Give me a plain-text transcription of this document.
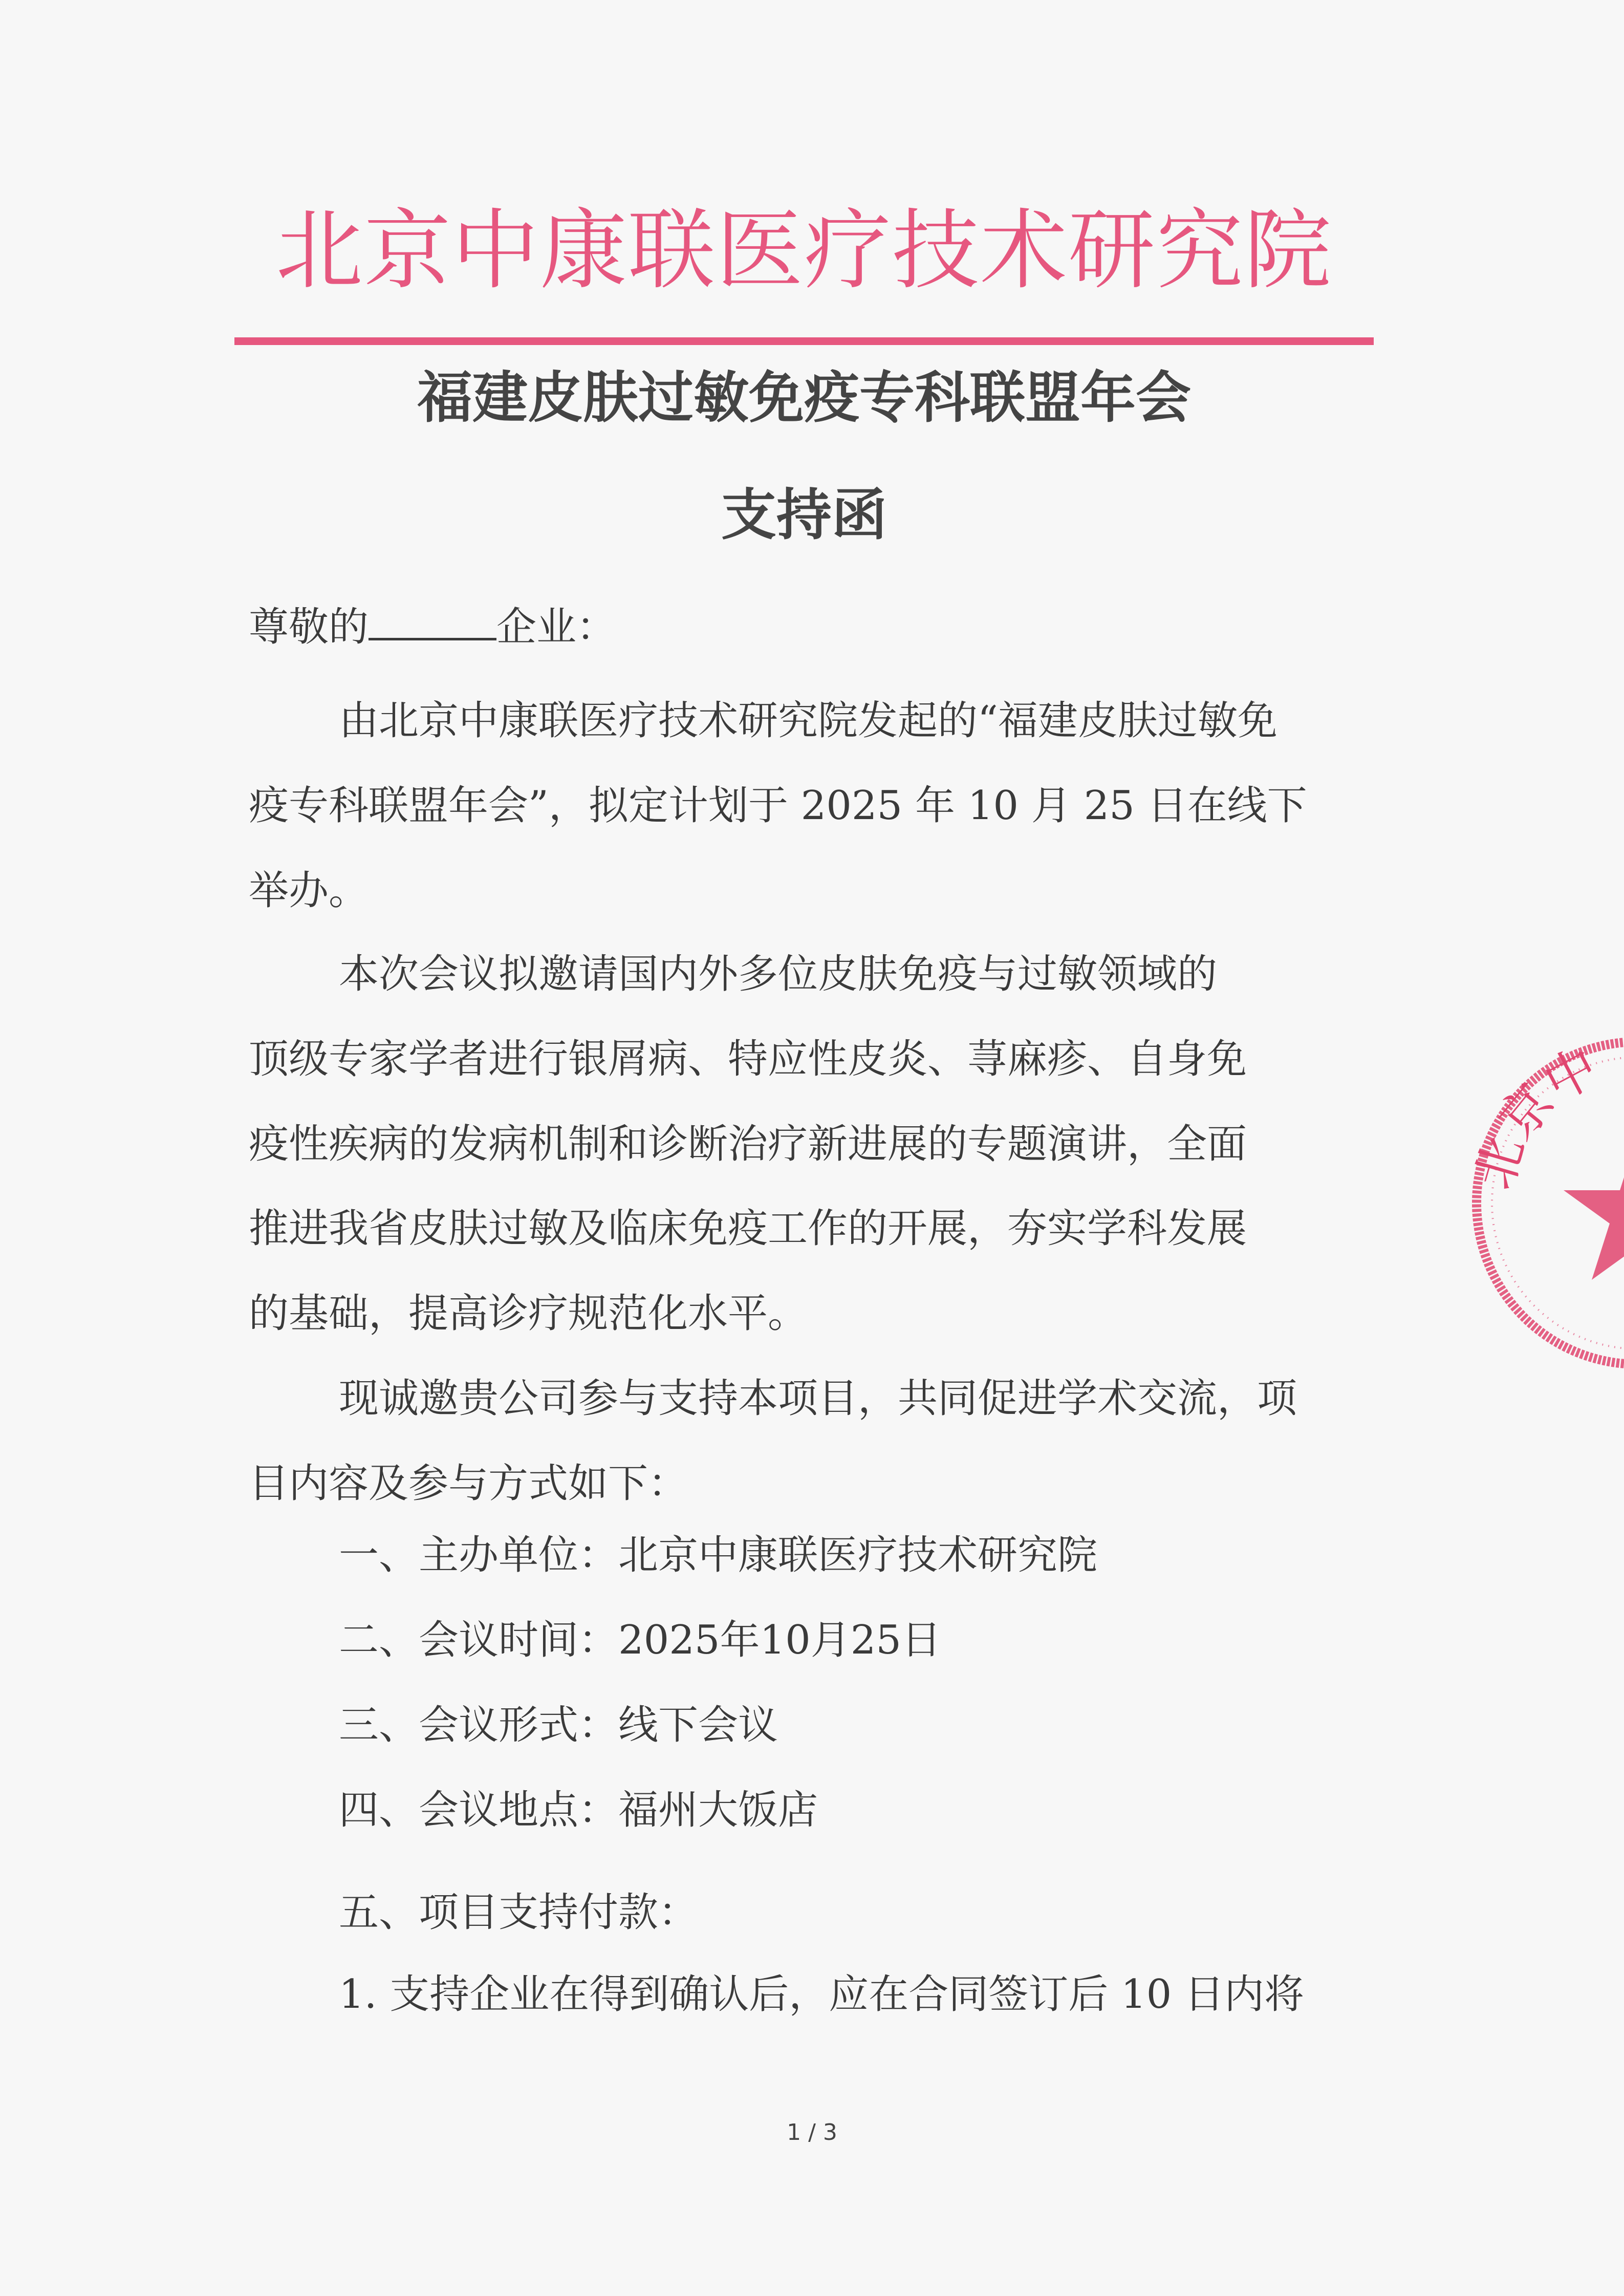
北京中康联医疗技术研究院
福建皮肤过敏免疫专科联盟年会
支持函
尊敬的	企业：
由北京中康联医疗技术研究院发起的“福建皮肤过敏免
疫专科联盟年会”，拟定计划于 2025 年 10 月 25 日在线下
举办。
本次会议拟邀请国内外多位皮肤免疫与过敏领域的
顶级专家学者进行银屑病、特应性皮炎、荨麻疹、自身免
疫性疾病的发病机制和诊断治疗新进展的专题演讲，全面
推进我省皮肤过敏及临床免疫工作的开展，夯实学科发展
的基础，提高诊疗规范化水平。
现诚邀贵公司参与支持本项目，共同促进学术交流，项
目内容及参与方式如下：
一、主办单位：北京中康联医疗技术研究院
二、会议时间：2025年10月25日
三、会议形式：线下会议
四、会议地点：福州大饭店
五、项目支持付款：
1. 支持企业在得到确认后，应在合同签订后 10 日内将
北京中
1 / 3
